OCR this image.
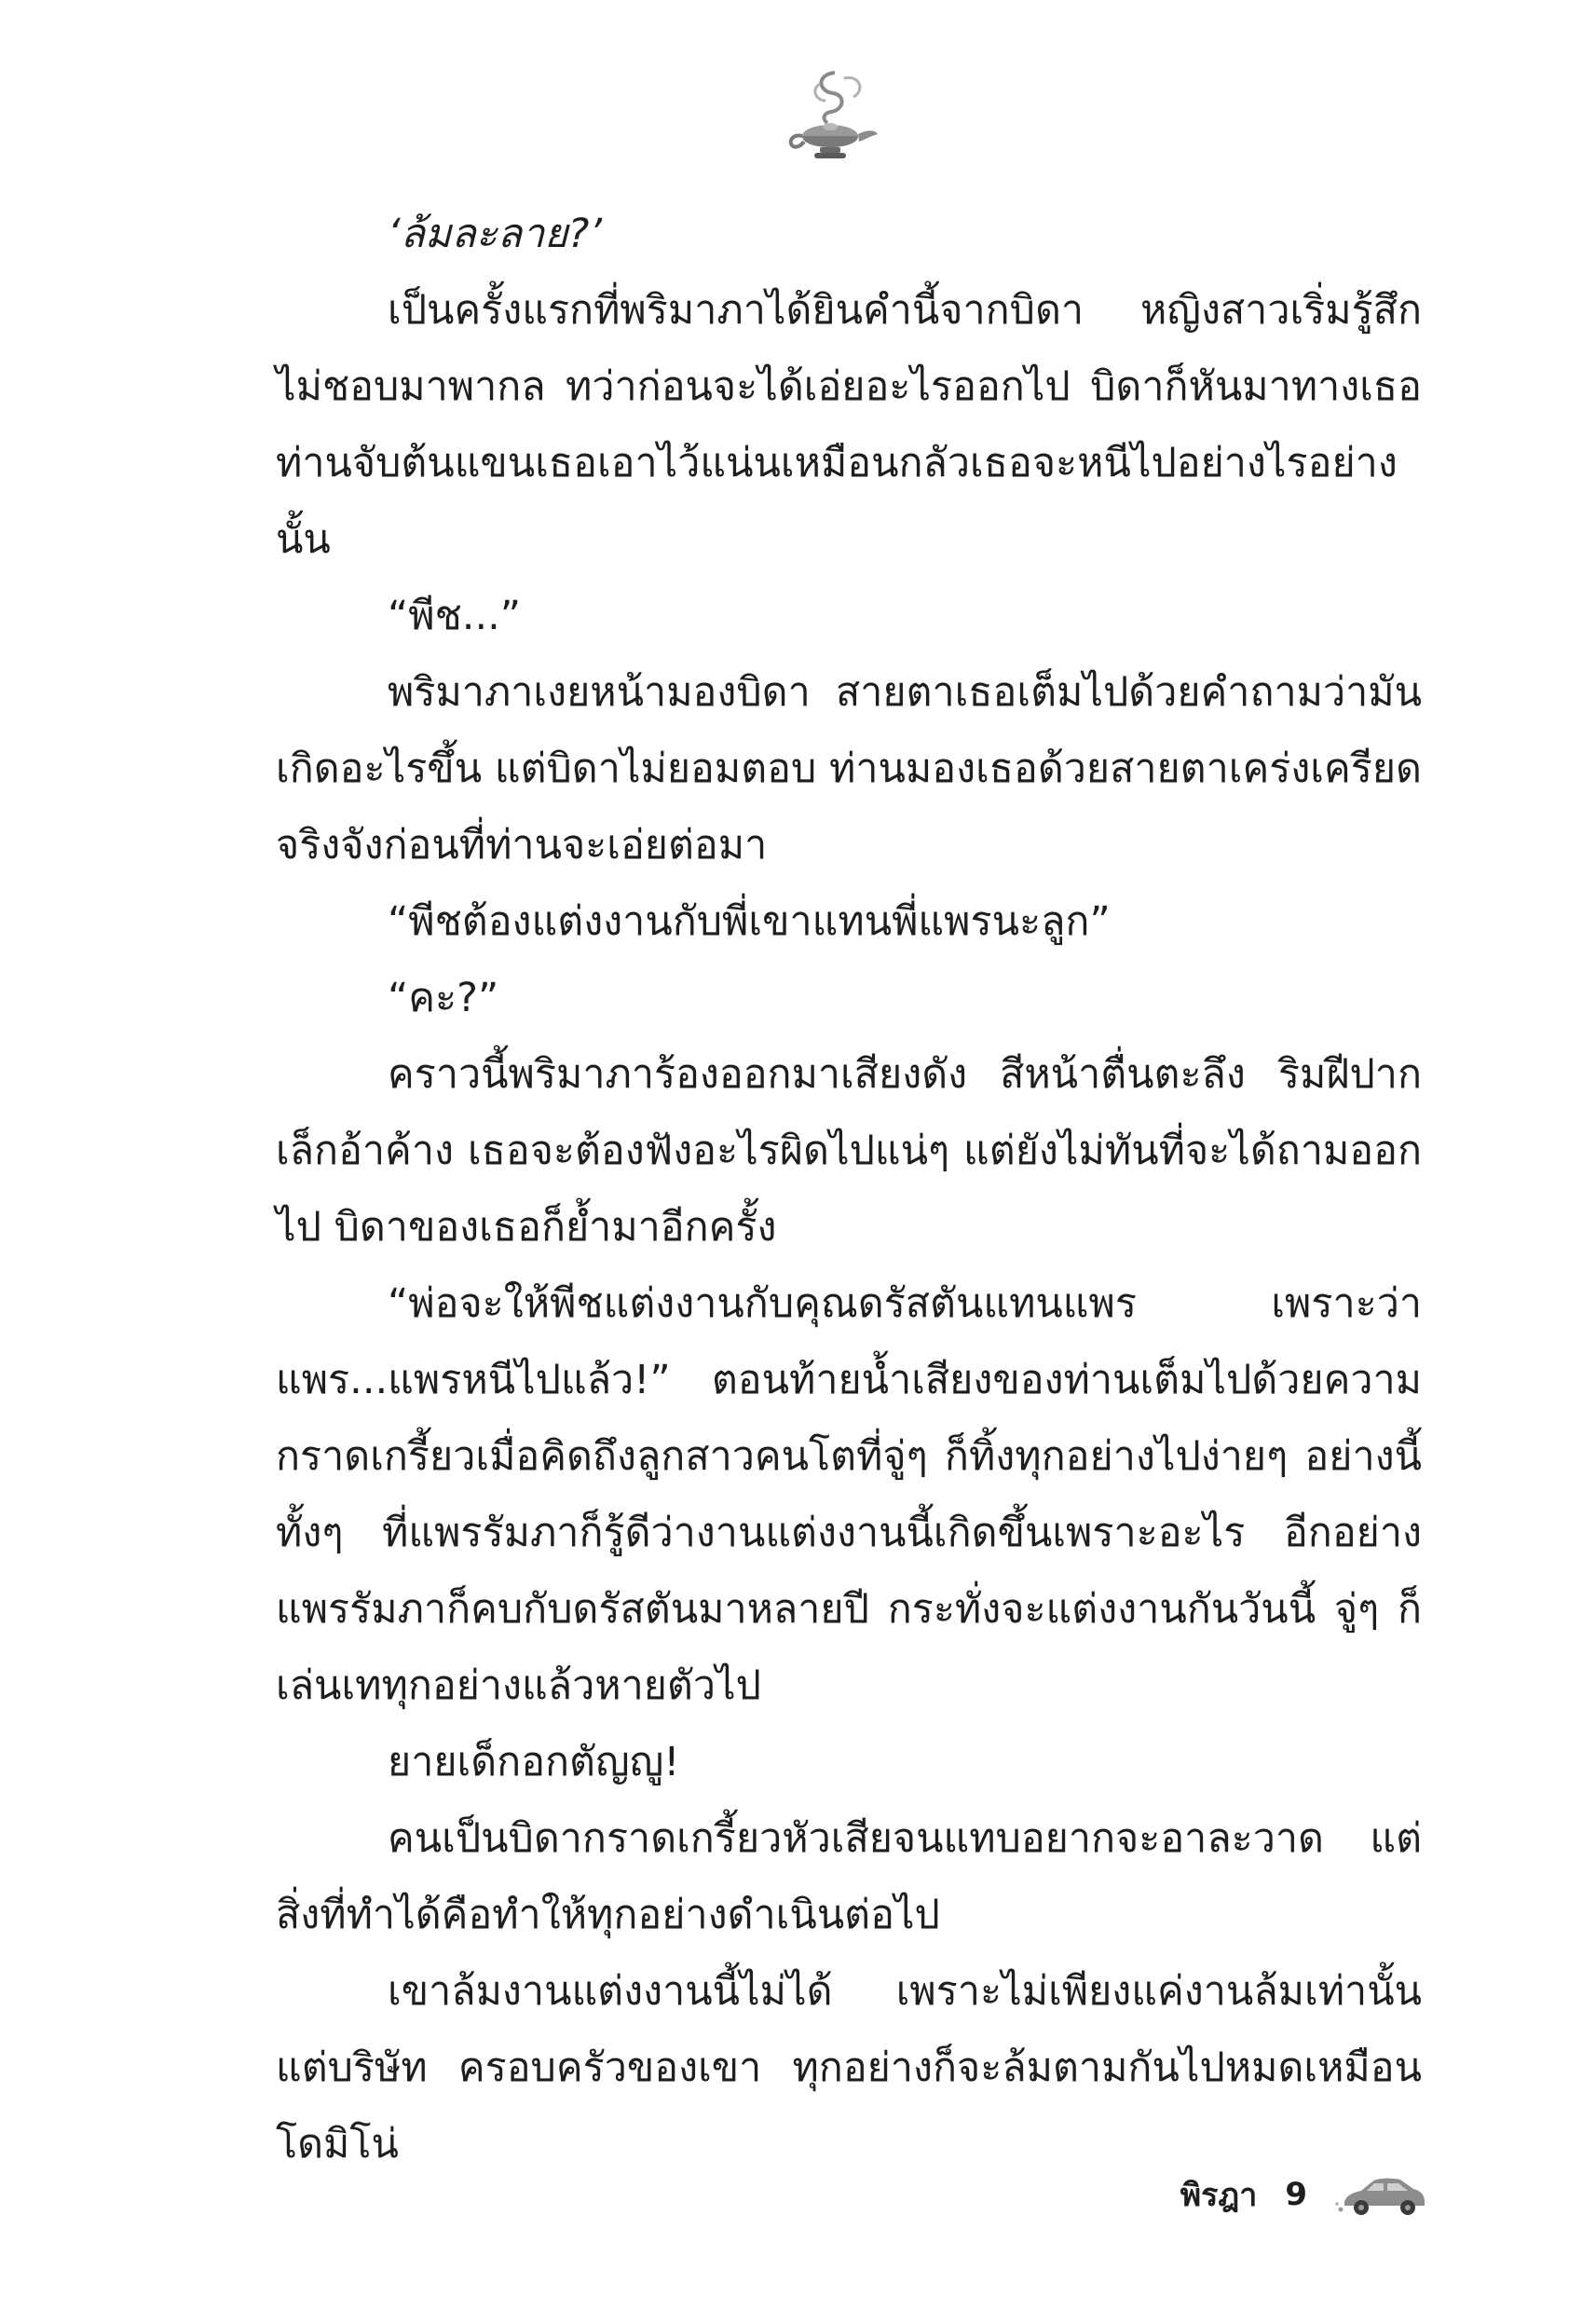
‘ล้มละลาย?’

เป็นครั้งแรกที่พริมาภาได้ยินคำนี้จากบิดา หญิงสาวเริ่มรู้สึกไม่ชอบมาพากล ทว่าก่อนจะได้เอ่ยอะไรออกไป บิดาก็หันมาทางเธอ ท่านจับต้นแขนเธอเอาไว้แน่นเหมือนกลัวเธอจะหนีไปอย่างไรอย่างนั้น

“พีช...”

พริมาภาเงยหน้ามองบิดา สายตาเธอเต็มไปด้วยคำถามว่ามันเกิดอะไรขึ้น แต่บิดาไม่ยอมตอบ ท่านมองเธอด้วยสายตาเคร่งเครียดจริงจังก่อนที่ท่านจะเอ่ยต่อมา

“พีชต้องแต่งงานกับพี่เขาแทนพี่แพรนะลูก”

“คะ?”

คราวนี้พริมาภาร้องออกมาเสียงดัง สีหน้าตื่นตะลึง ริมฝีปากเล็กอ้าค้าง เธอจะต้องฟังอะไรผิดไปแน่ๆ แต่ยังไม่ทันที่จะได้ถามออกไป บิดาของเธอก็ย้ำมาอีกครั้ง

“พ่อจะให้พีชแต่งงานกับคุณดรัสตันแทนแพร เพราะว่าแพร...แพรหนีไปแล้ว!” ตอนท้ายน้ำเสียงของท่านเต็มไปด้วยความกราดเกรี้ยวเมื่อคิดถึงลูกสาวคนโตที่จู่ๆ ก็ทิ้งทุกอย่างไปง่ายๆ อย่างนี้ ทั้งๆ ที่แพรรัมภาก็รู้ดีว่างานแต่งงานนี้เกิดขึ้นเพราะอะไร อีกอย่างแพรรัมภาก็คบกับดรัสตันมาหลายปี กระทั่งจะแต่งงานกันวันนี้ จู่ๆ ก็เล่นเททุกอย่างแล้วหายตัวไป

ยายเด็กอกตัญญู!

คนเป็นบิดากราดเกรี้ยวหัวเสียจนแทบอยากจะอาละวาด แต่สิ่งที่ทำได้คือทำให้ทุกอย่างดำเนินต่อไป

เขาล้มงานแต่งงานนี้ไม่ได้ เพราะไม่เพียงแค่งานล้มเท่านั้น แต่บริษัท ครอบครัวของเขา ทุกอย่างก็จะล้มตามกันไปหมดเหมือนโดมิโน่

พิรฎา 9
